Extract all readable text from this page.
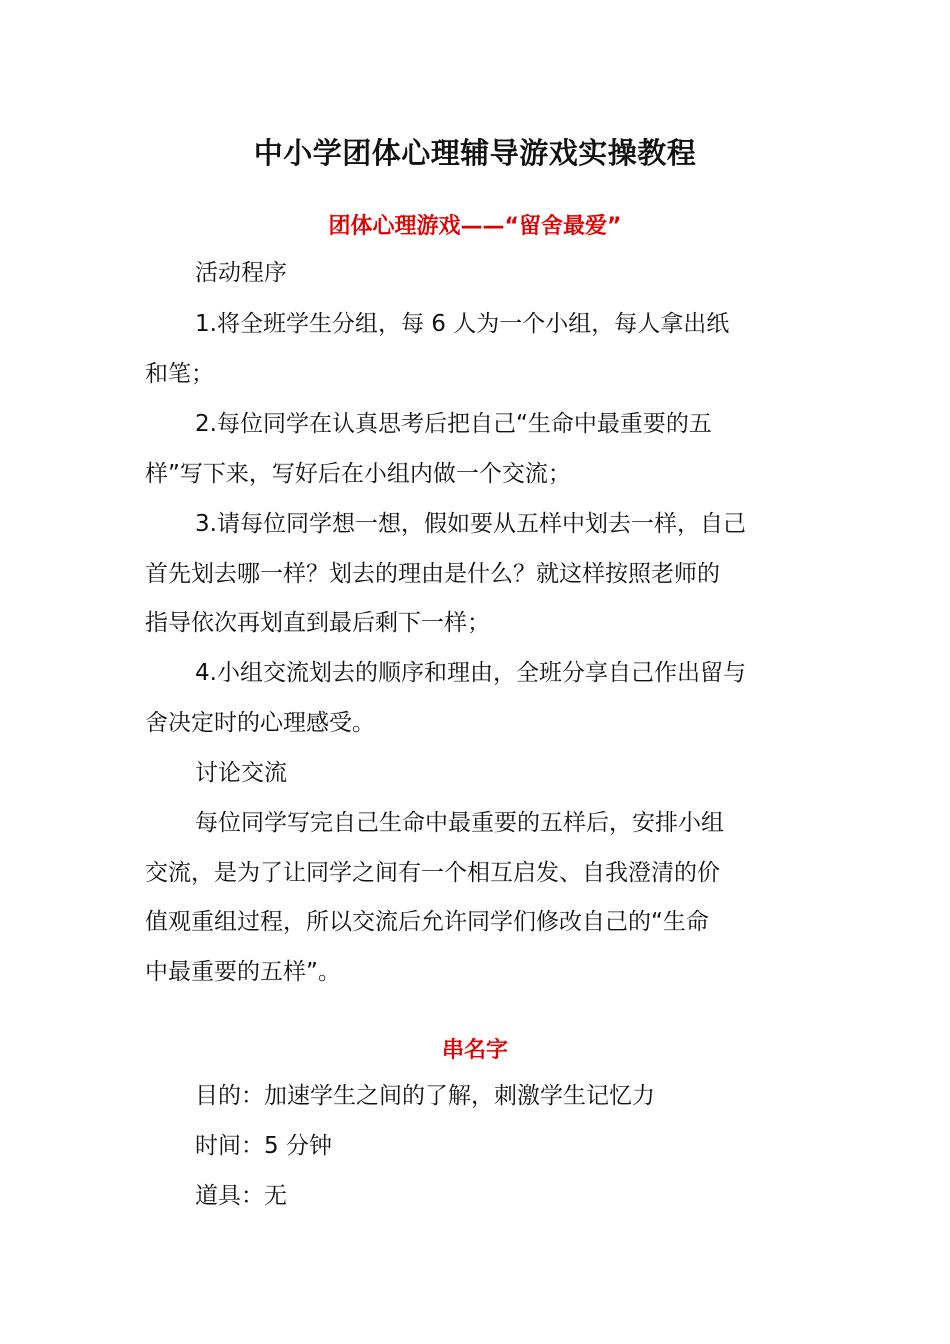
中小学团体心理辅导游戏实操教程
团体心理游戏——“留舍最爱”
活动程序
1.将全班学生分组，每 6 人为一个小组，每人拿出纸
和笔；
2.每位同学在认真思考后把自己“生命中最重要的五
样”写下来，写好后在小组内做一个交流；
3.请每位同学想一想，假如要从五样中划去一样，自己
首先划去哪一样？划去的理由是什么？就这样按照老师的
指导依次再划直到最后剩下一样；
4.小组交流划去的顺序和理由，全班分享自己作出留与
舍决定时的心理感受。
讨论交流
每位同学写完自己生命中最重要的五样后，安排小组
交流，是为了让同学之间有一个相互启发、自我澄清的价
值观重组过程，所以交流后允许同学们修改自己的“生命
中最重要的五样”。
串名字
目的：加速学生之间的了解，刺激学生记忆力
时间：5 分钟
道具：无
